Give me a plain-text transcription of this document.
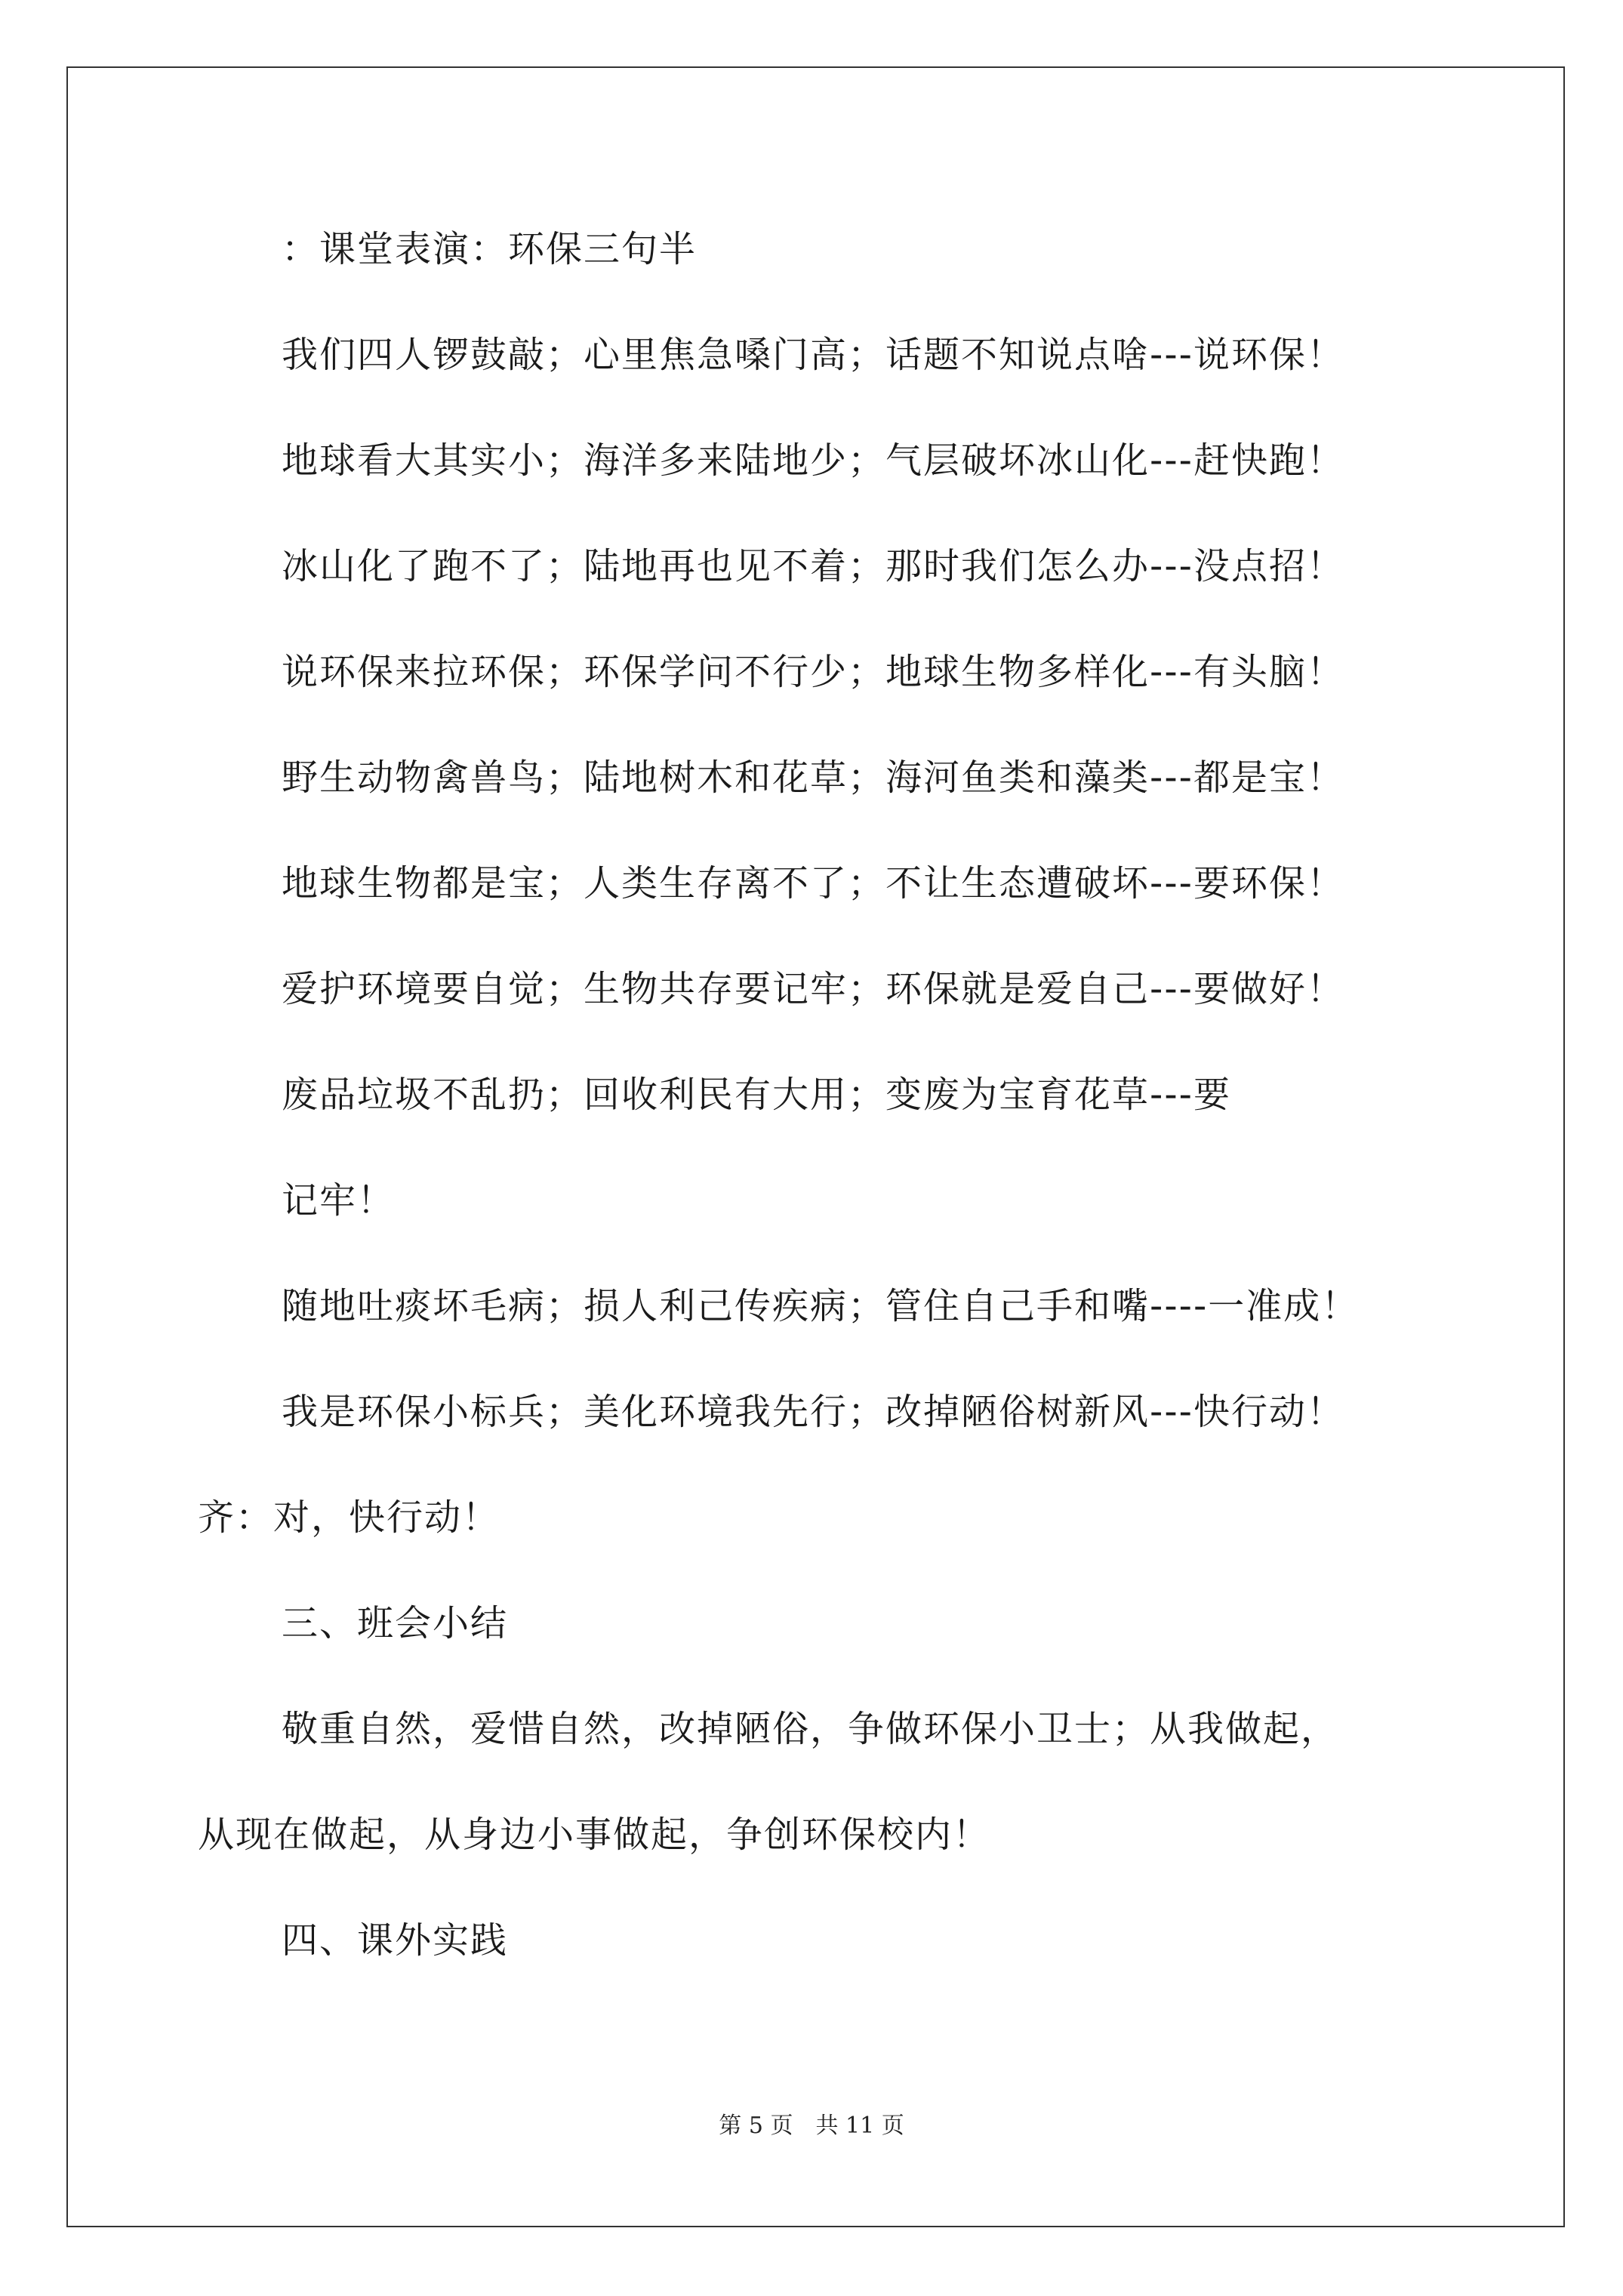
：课堂表演：环保三句半
我们四人锣鼓敲；心里焦急嗓门高；话题不知说点啥---说环保！
地球看大其实小；海洋多来陆地少；气层破坏冰山化---赶快跑！
冰山化了跑不了；陆地再也见不着；那时我们怎么办---没点招！
说环保来拉环保；环保学问不行少；地球生物多样化---有头脑！
野生动物禽兽鸟；陆地树木和花草；海河鱼类和藻类---都是宝！
地球生物都是宝；人类生存离不了；不让生态遭破坏---要环保！
爱护环境要自觉；生物共存要记牢；环保就是爱自己---要做好！
废品垃圾不乱扔；回收利民有大用；变废为宝育花草---要
记牢！
随地吐痰坏毛病；损人利己传疾病；管住自己手和嘴----一准成！
我是环保小标兵；美化环境我先行；改掉陋俗树新风---快行动！
齐：对，快行动！
三、班会小结
敬重自然，爱惜自然，改掉陋俗，争做环保小卫士；从我做起，
从现在做起，从身边小事做起，争创环保校内！
四、课外实践
第 5 页　共 11 页
